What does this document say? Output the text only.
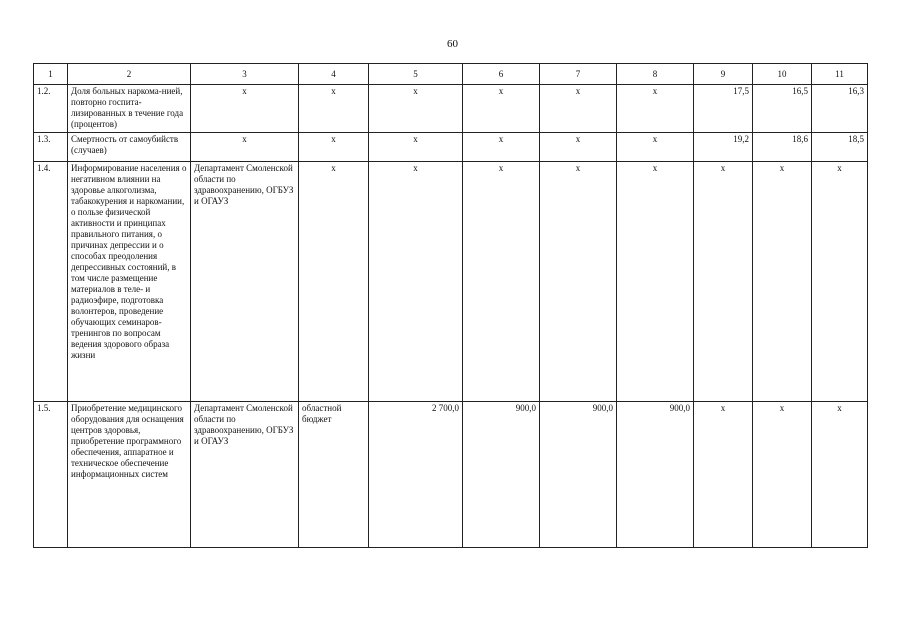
60
1	2	3	4	5	6	7	8	9	10	11
1.2.	Доля больных наркома-нией, повторно госпита-лизированных в течение года (процентов)	x	x	x	x	x	x	17,5	16,5	16,3
1.3.	Смертность от самоубийств (случаев)	x	x	x	x	x	x	19,2	18,6	18,5
1.4.	Информирование населения о негативном влиянии на здоровье алкоголизма, табакокурения и наркомании, о пользе физической активности и принципах правильного питания, о причинах депрессии и о способах преодоления депрессивных состояний, в том числе размещение материалов в теле- и радиоэфире, подготовка волонтеров, проведение обучающих семинаров-тренингов по вопросам ведения здорового образа жизни	Департамент Смоленской области по здравоохранению, ОГБУЗ и ОГАУЗ	x	x	x	x	x	x	x	x
1.5.	Приобретение медицинского оборудования для оснащения центров здоровья, приобретение программного обеспечения, аппаратное и техническое обеспечение информационных систем	Департамент Смоленской области по здравоохранению, ОГБУЗ и ОГАУЗ	областной бюджет	2 700,0	900,0	900,0	900,0	x	x	x
